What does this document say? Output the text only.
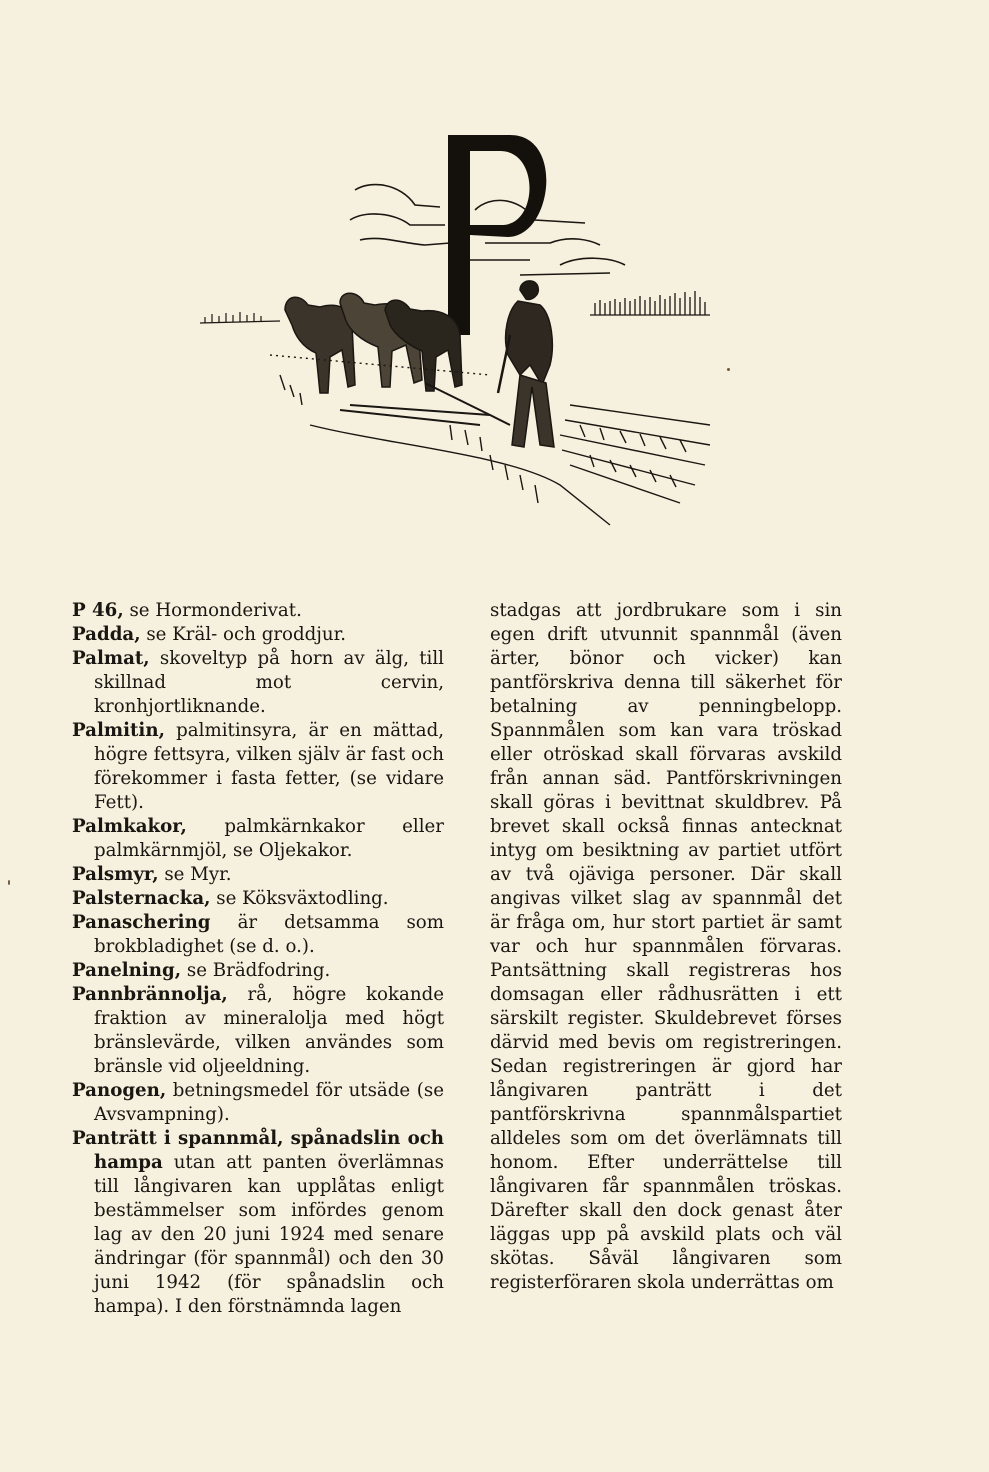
P 46, se Hormonderivat.

Padda, se Kräl- och groddjur.

Palmat, skoveltyp på horn av älg, till skillnad mot cervin, kronhjortliknande.

Palmitin, palmitinsyra, är en mättad, högre fettsyra, vilken själv är fast och förekommer i fasta fetter, (se vidare Fett).

Palmkakor, palmkärnkakor eller palmkärnmjöl, se Oljekakor.

Palsmyr, se Myr.

Palsternacka, se Köksväxtodling.

Panaschering är detsamma som brokbladighet (se d. o.).

Panelning, se Brädfodring.

Pannbrännolja, rå, högre kokande fraktion av mineralolja med högt bränslevärde, vilken användes som bränsle vid oljeeldning.

Panogen, betningsmedel för utsäde (se Avsvampning).

Panträtt i spannmål, spånadslin och hampa utan att panten överlämnas till långivaren kan upplåtas enligt bestämmelser som infördes genom lag av den 20 juni 1924 med senare ändringar (för spannmål) och den 30 juni 1942 (för spånadslin och hampa). I den förstnämnda lagen

stadgas att jordbrukare som i sin egen drift utvunnit spannmål (även ärter, bönor och vicker) kan pantförskriva denna till säkerhet för betalning av penningbelopp. Spannmålen som kan vara tröskad eller otröskad skall förvaras avskild från annan säd. Pantförskrivningen skall göras i bevittnat skuldbrev. På brevet skall också finnas antecknat intyg om besiktning av partiet utfört av två ojäviga personer. Där skall angivas vilket slag av spannmål det är fråga om, hur stort partiet är samt var och hur spannmålen förvaras. Pantsättning skall registreras hos domsagan eller rådhusrätten i ett särskilt register. Skuldebrevet förses därvid med bevis om registreringen. Sedan registreringen är gjord har långivaren panträtt i det pantförskrivna spannmålspartiet alldeles som om det överlämnats till honom. Efter underrättelse till långivaren får spannmålen tröskas. Därefter skall den dock genast åter läggas upp på avskild plats och väl skötas. Såväl långivaren som registerföraren skola underrättas om
